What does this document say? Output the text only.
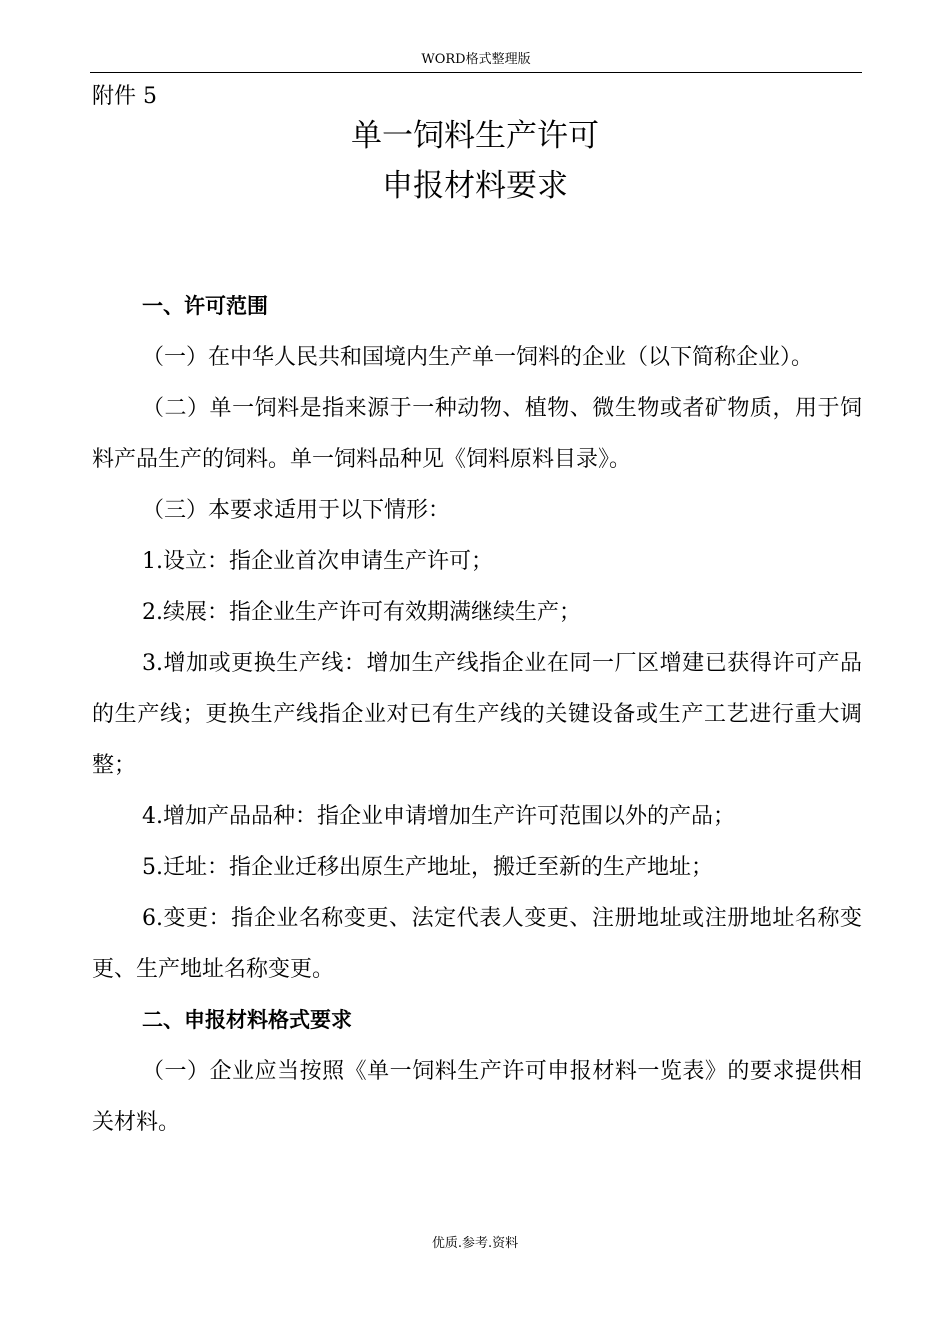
WORD格式整理版
附件 5
单一饲料生产许可
申报材料要求

一、许可范围

（一）在中华人民共和国境内生产单一饲料的企业（以下简称企业）。

（二）单一饲料是指来源于一种动物、植物、微生物或者矿物质，用于饲料产品生产的饲料。单一饲料品种见《饲料原料目录》。

（三）本要求适用于以下情形：

1.设立：指企业首次申请生产许可；

2.续展：指企业生产许可有效期满继续生产；

3.增加或更换生产线：增加生产线指企业在同一厂区增建已获得许可产品的生产线；更换生产线指企业对已有生产线的关键设备或生产工艺进行重大调整；

4.增加产品品种：指企业申请增加生产许可范围以外的产品；

5.迁址：指企业迁移出原生产地址，搬迁至新的生产地址；

6.变更：指企业名称变更、法定代表人变更、注册地址或注册地址名称变更、生产地址名称变更。

二、申报材料格式要求

（一）企业应当按照《单一饲料生产许可申报材料一览表》的要求提供相关材料。

优质.参考.资料
